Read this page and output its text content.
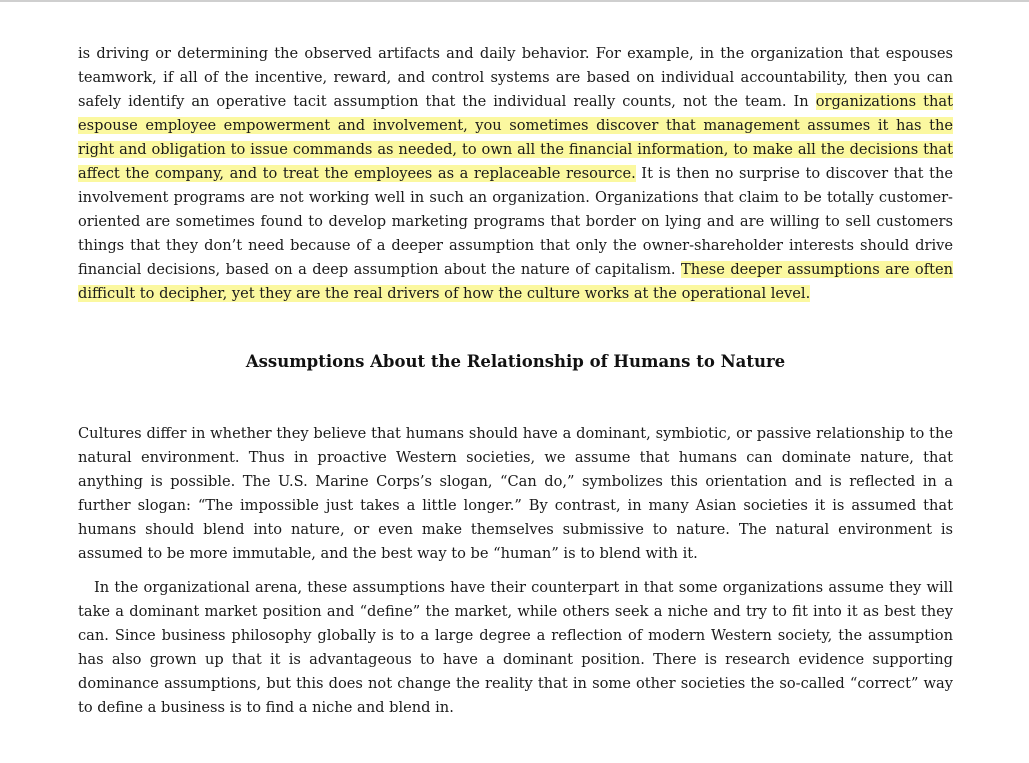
is driving or determining the observed artifacts and daily behavior. For example, in the organization that espouses teamwork, if all of the incentive, reward, and control systems are based on individual accountability, then you can safely identify an operative tacit assumption that the individual really counts, not the team. In organizations that espouse employee empowerment and involvement, you sometimes discover that management assumes it has the right and obligation to issue commands as needed, to own all the financial information, to make all the decisions that affect the company, and to treat the employees as a replaceable resource. It is then no surprise to discover that the involvement programs are not working well in such an organization. Organizations that claim to be totally customer-oriented are sometimes found to develop marketing programs that border on lying and are willing to sell customers things that they don’t need because of a deeper assumption that only the owner-shareholder interests should drive financial decisions, based on a deep assumption about the nature of capitalism. These deeper assumptions are often difficult to decipher, yet they are the real drivers of how the culture works at the operational level.

Assumptions About the Relationship of Humans to Nature

Cultures differ in whether they believe that humans should have a dominant, symbiotic, or passive relationship to the natural environment. Thus in proactive Western societies, we assume that humans can dominate nature, that anything is possible. The U.S. Marine Corps’s slogan, “Can do,” symbolizes this orientation and is reflected in a further slogan: “The impossible just takes a little longer.” By contrast, in many Asian societies it is assumed that humans should blend into nature, or even make themselves submissive to nature. The natural environment is assumed to be more immutable, and the best way to be “human” is to blend with it.

In the organizational arena, these assumptions have their counterpart in that some organizations assume they will take a dominant market position and “define” the market, while others seek a niche and try to fit into it as best they can. Since business philosophy globally is to a large degree a reflection of modern Western society, the assumption has also grown up that it is advantageous to have a dominant position. There is research evidence supporting dominance assumptions, but this does not change the reality that in some other societies the so-called “correct” way to define a business is to find a niche and blend in.
